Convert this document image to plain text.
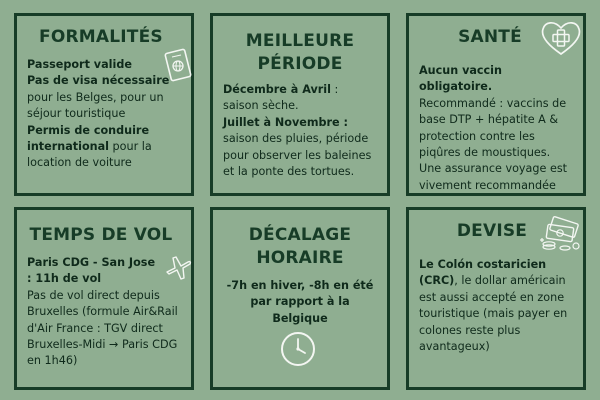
FORMALITÉS
Passeport valide
Pas de visa nécessaire pour les Belges, pour un séjour touristique
Permis de conduire international pour la location de voiture
MEILLEURE
PÉRIODE
Décembre à Avril : saison sèche.
Juillet à Novembre :
saison des pluies, période pour observer les baleines et la ponte des tortues.
SANTÉ
Aucun vaccin obligatoire.
Recommandé : vaccins de base DTP + hépatite A & protection contre les piqûres de moustiques. Une assurance voyage est vivement recommandée
TEMPS DE VOL
Paris CDG - San Jose : 11h de vol
Pas de vol direct depuis Bruxelles (formule Air&Rail d'Air France : TGV direct Bruxelles-Midi → Paris CDG en 1h46)
DÉCALAGE
HORAIRE
-7h en hiver, -8h en été par rapport à la Belgique
DEVISE
Le Colón costaricien (CRC), le dollar américain est aussi accepté en zone touristique (mais payer en colones reste plus avantageux)
